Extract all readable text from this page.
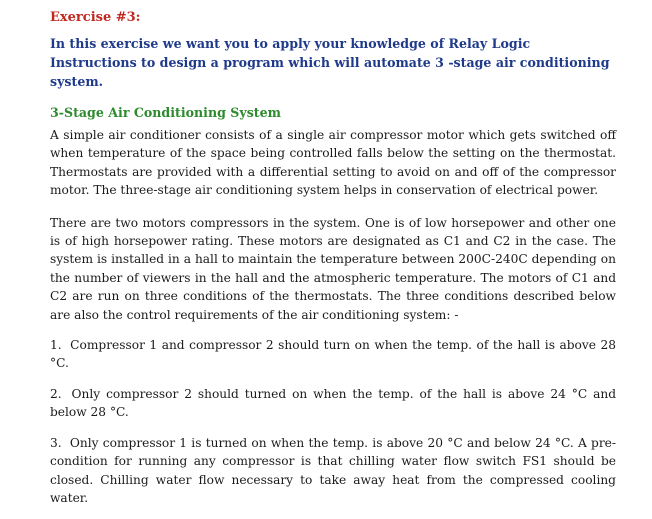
Exercise #3:
In this exercise we want you to apply your knowledge of Relay Logic Instructions to design a program which will automate 3 -stage air conditioning system.
3-Stage Air Conditioning System

A simple air conditioner consists of a single air compressor motor which gets switched off when temperature of the space being controlled falls below the setting on the thermostat. Thermostats are provided with a differential setting to avoid on and off of the compressor motor. The three-stage air conditioning system helps in conservation of electrical power.

There are two motors compressors in the system. One is of low horsepower and other one is of high horsepower rating. These motors are designated as C1 and C2 in the case. The system is installed in a hall to maintain the temperature between 200C-240C depending on the number of viewers in the hall and the atmospheric temperature. The motors of C1 and C2 are run on three conditions of the thermostats. The three conditions described below are also the control requirements of the air conditioning system: -

1. Compressor 1 and compressor 2 should turn on when the temp. of the hall is above 28 °C.
2. Only compressor 2 should turned on when the temp. of the hall is above 24 °C and below 28 °C.
3. Only compressor 1 is turned on when the temp. is above 20 °C and below 24 °C. A pre- condition for running any compressor is that chilling water flow switch FS1 should be closed. Chilling water flow necessary to take away heat from the compressed cooling water.
